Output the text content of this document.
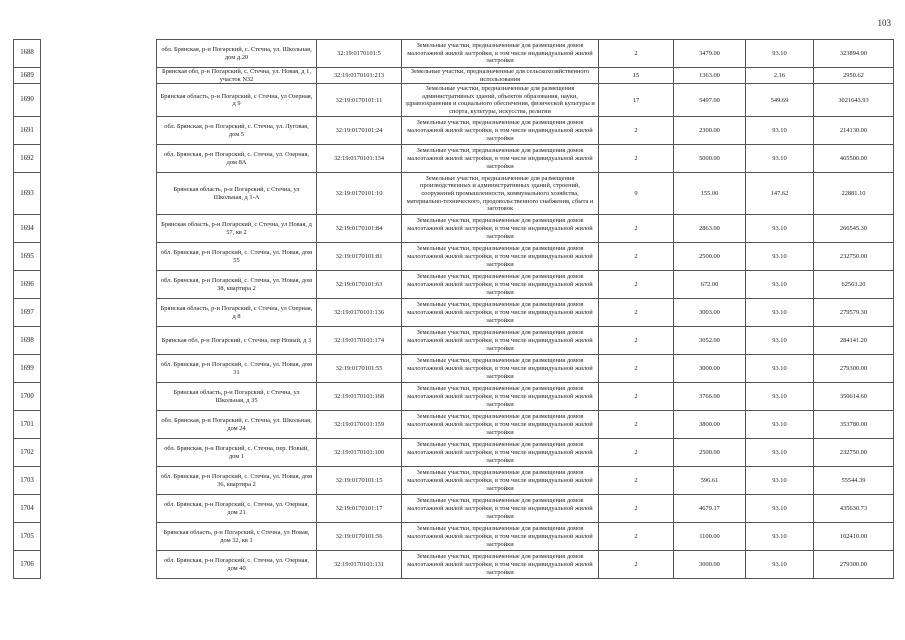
103
1688		обл. Брянская, р-н Погарский, с. Стечна, ул. Школьная, дом д.20	32:19:0170101:5	Земельные участки, предназначенные для размещения домов малоэтажной жилой застройки, в том числе индивидуальной жилой застройки	2	3479.00	93.10	323894.90
1689		Брянская обл, р-н Погарский, с. Стечна, ул. Новая, д 1, участок N32	32:19:0170101:213	Земельные участки, предназначенные для сельскохозяйственного использования	15	1363.00	2.16	2950.62
1690		Брянская область, р-н Погарский, с Стечна, ул Озерная, д 9	32:19:0170101:11	Земельные участки, предназначенные для размещения административных зданий, объектов образования, науки, здравоохранения и социального обеспечения, физической культуры и спорта, культуры, искусства, религии	17	5497.00	549.69	3021643.93
1691		обл. Брянская, р-н Погарский, с. Стечна, ул. Луговая, дом 5	32:19:0170101:24	Земельные участки, предназначенные для размещения домов малоэтажной жилой застройки, в том числе индивидуальной жилой застройки	2	2300.00	93.10	214130.00
1692		обл. Брянская, р-н Погарский, с. Стечна, ул. Озерная, дом 8А	32:19:0170101:134	Земельные участки, предназначенные для размещения домов малоэтажной жилой застройки, в том числе индивидуальной жилой застройки	2	5000.00	93.10	465500.00
1693		Брянская область, р-н Погарский, с Стечна, ул Школьная, д 1-А	32:19:0170101:10	Земельные участки, предназначенные для размещения производственных и административных зданий, строений, сооружений промышленности, коммунального хозяйства, материально-технического, продовольственного снабжения, сбыта и заготовок	9	155.00	147.62	22881.10
1694		Брянская область, р-н Погарский, с Стечна, ул Новая, д 57, кв 2	32:19:0170101:84	Земельные участки, предназначенные для размещения домов малоэтажной жилой застройки, в том числе индивидуальной жилой застройки	2	2863.00	93.10	266545.30
1695		обл. Брянская, р-н Погарский, с. Стечна, ул. Новая, дом 55	32:19:0170101:81	Земельные участки, предназначенные для размещения домов малоэтажной жилой застройки, в том числе индивидуальной жилой застройки	2	2500.00	93.10	232750.00
1696		обл. Брянская, р-н Погарский, с. Стечна, ул. Новая, дом 38, квартира 2	32:19:0170101:63	Земельные участки, предназначенные для размещения домов малоэтажной жилой застройки, в том числе индивидуальной жилой застройки	2	672.00	93.10	62563.20
1697		Брянская область, р-н Погарский, с Стечна, ул Озерная, д 8	32:19:0170101:136	Земельные участки, предназначенные для размещения домов малоэтажной жилой застройки, в том числе индивидуальной жилой застройки	2	3003.00	93.10	279579.30
1698		Брянская обл, р-н Погарский, с Стечна, пер Новый, д 3	32:19:0170101:174	Земельные участки, предназначенные для размещения домов малоэтажной жилой застройки, в том числе индивидуальной жилой застройки	2	3052.00	93.10	284141.20
1699		обл. Брянская, р-н Погарский, с. Стечна, ул. Новая, дом 31	32:19:0170101:55	Земельные участки, предназначенные для размещения домов малоэтажной жилой застройки, в том числе индивидуальной жилой застройки	2	3000.00	93.10	279300.00
1700		Брянская область, р-н Погарский, с Стечна, ул Школьная, д 35	32:19:0170101:168	Земельные участки, предназначенные для размещения домов малоэтажной жилой застройки, в том числе индивидуальной жилой застройки	2	3766.00	93.10	350614.60
1701		обл. Брянская, р-н Погарский, с. Стечна, ул. Школьная, дом 24	32:19:0170101:159	Земельные участки, предназначенные для размещения домов малоэтажной жилой застройки, в том числе индивидуальной жилой застройки	2	3800.00	93.10	353780.00
1702		обл. Брянская, р-н Погарский, с. Стечна, пер. Новый, дом 1	32:19:0170101:100	Земельные участки, предназначенные для размещения домов малоэтажной жилой застройки, в том числе индивидуальной жилой застройки	2	2500.00	93.10	232750.00
1703		обл. Брянская, р-н Погарский, с. Стечна, ул. Новая, дом 36, квартира 2	32:19:0170101:15	Земельные участки, предназначенные для размещения домов малоэтажной жилой застройки, в том числе индивидуальной жилой застройки	2	596.61	93.10	55544.39
1704		обл. Брянская, р-н Погарский, с. Стечна, ул. Озерная, дом 21	32:19:0170101:17	Земельные участки, предназначенные для размещения домов малоэтажной жилой застройки, в том числе индивидуальной жилой застройки	2	4679.17	93.10	435630.73
1705		Брянская область, р-н Погарский, с Стечна, ул Новая, дом 32, кв 1	32:19:0170101:56	Земельные участки, предназначенные для размещения домов малоэтажной жилой застройки, в том числе индивидуальной жилой застройки	2	1100.00	93.10	102410.00
1706		обл. Брянская, р-н Погарский, с. Стечна, ул. Озерная, дом 40	32:19:0170101:131	Земельные участки, предназначенные для размещения домов малоэтажной жилой застройки, в том числе индивидуальной жилой застройки	2	3000.00	93.10	279300.00
